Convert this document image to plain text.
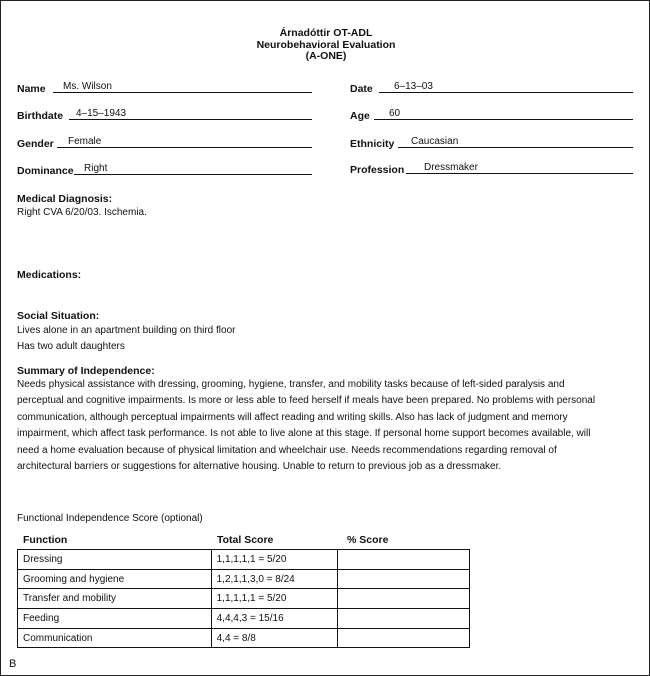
Árnadóttir OT-ADL
Neurobehavioral Evaluation
(A-ONE)
Name Ms. Wilson	Date 6–13–03
Birthdate 4–15–1943	Age 60
Gender Female	Ethnicity Caucasian
Dominance Right	Profession Dressmaker
Medical Diagnosis:
Right CVA 6/20/03. Ischemia.
Medications:
Social Situation:
Lives alone in an apartment building on third floor
Has two adult daughters
Summary of Independence:
Needs physical assistance with dressing, grooming, hygiene, transfer, and mobility tasks because of left-sided paralysis and
perceptual and cognitive impairments. Is more or less able to feed herself if meals have been prepared. No problems with personal
communication, although perceptual impairments will affect reading and writing skills. Also has lack of judgment and memory
impairment, which affect task performance. Is not able to live alone at this stage. If personal home support becomes available, will
need a home evaluation because of physical limitation and wheelchair use. Needs recommendations regarding removal of
architectural barriers or suggestions for alternative housing. Unable to return to previous job as a dressmaker.
Functional Independence Score (optional)
Function	Total Score	% Score
Dressing	1,1,1,1,1 = 5/20	
Grooming and hygiene	1,2,1,1,3,0 = 8/24	
Transfer and mobility	1,1,1,1,1 = 5/20	
Feeding	4,4,4,3 = 15/16	
Communication	4,4 = 8/8	
B
